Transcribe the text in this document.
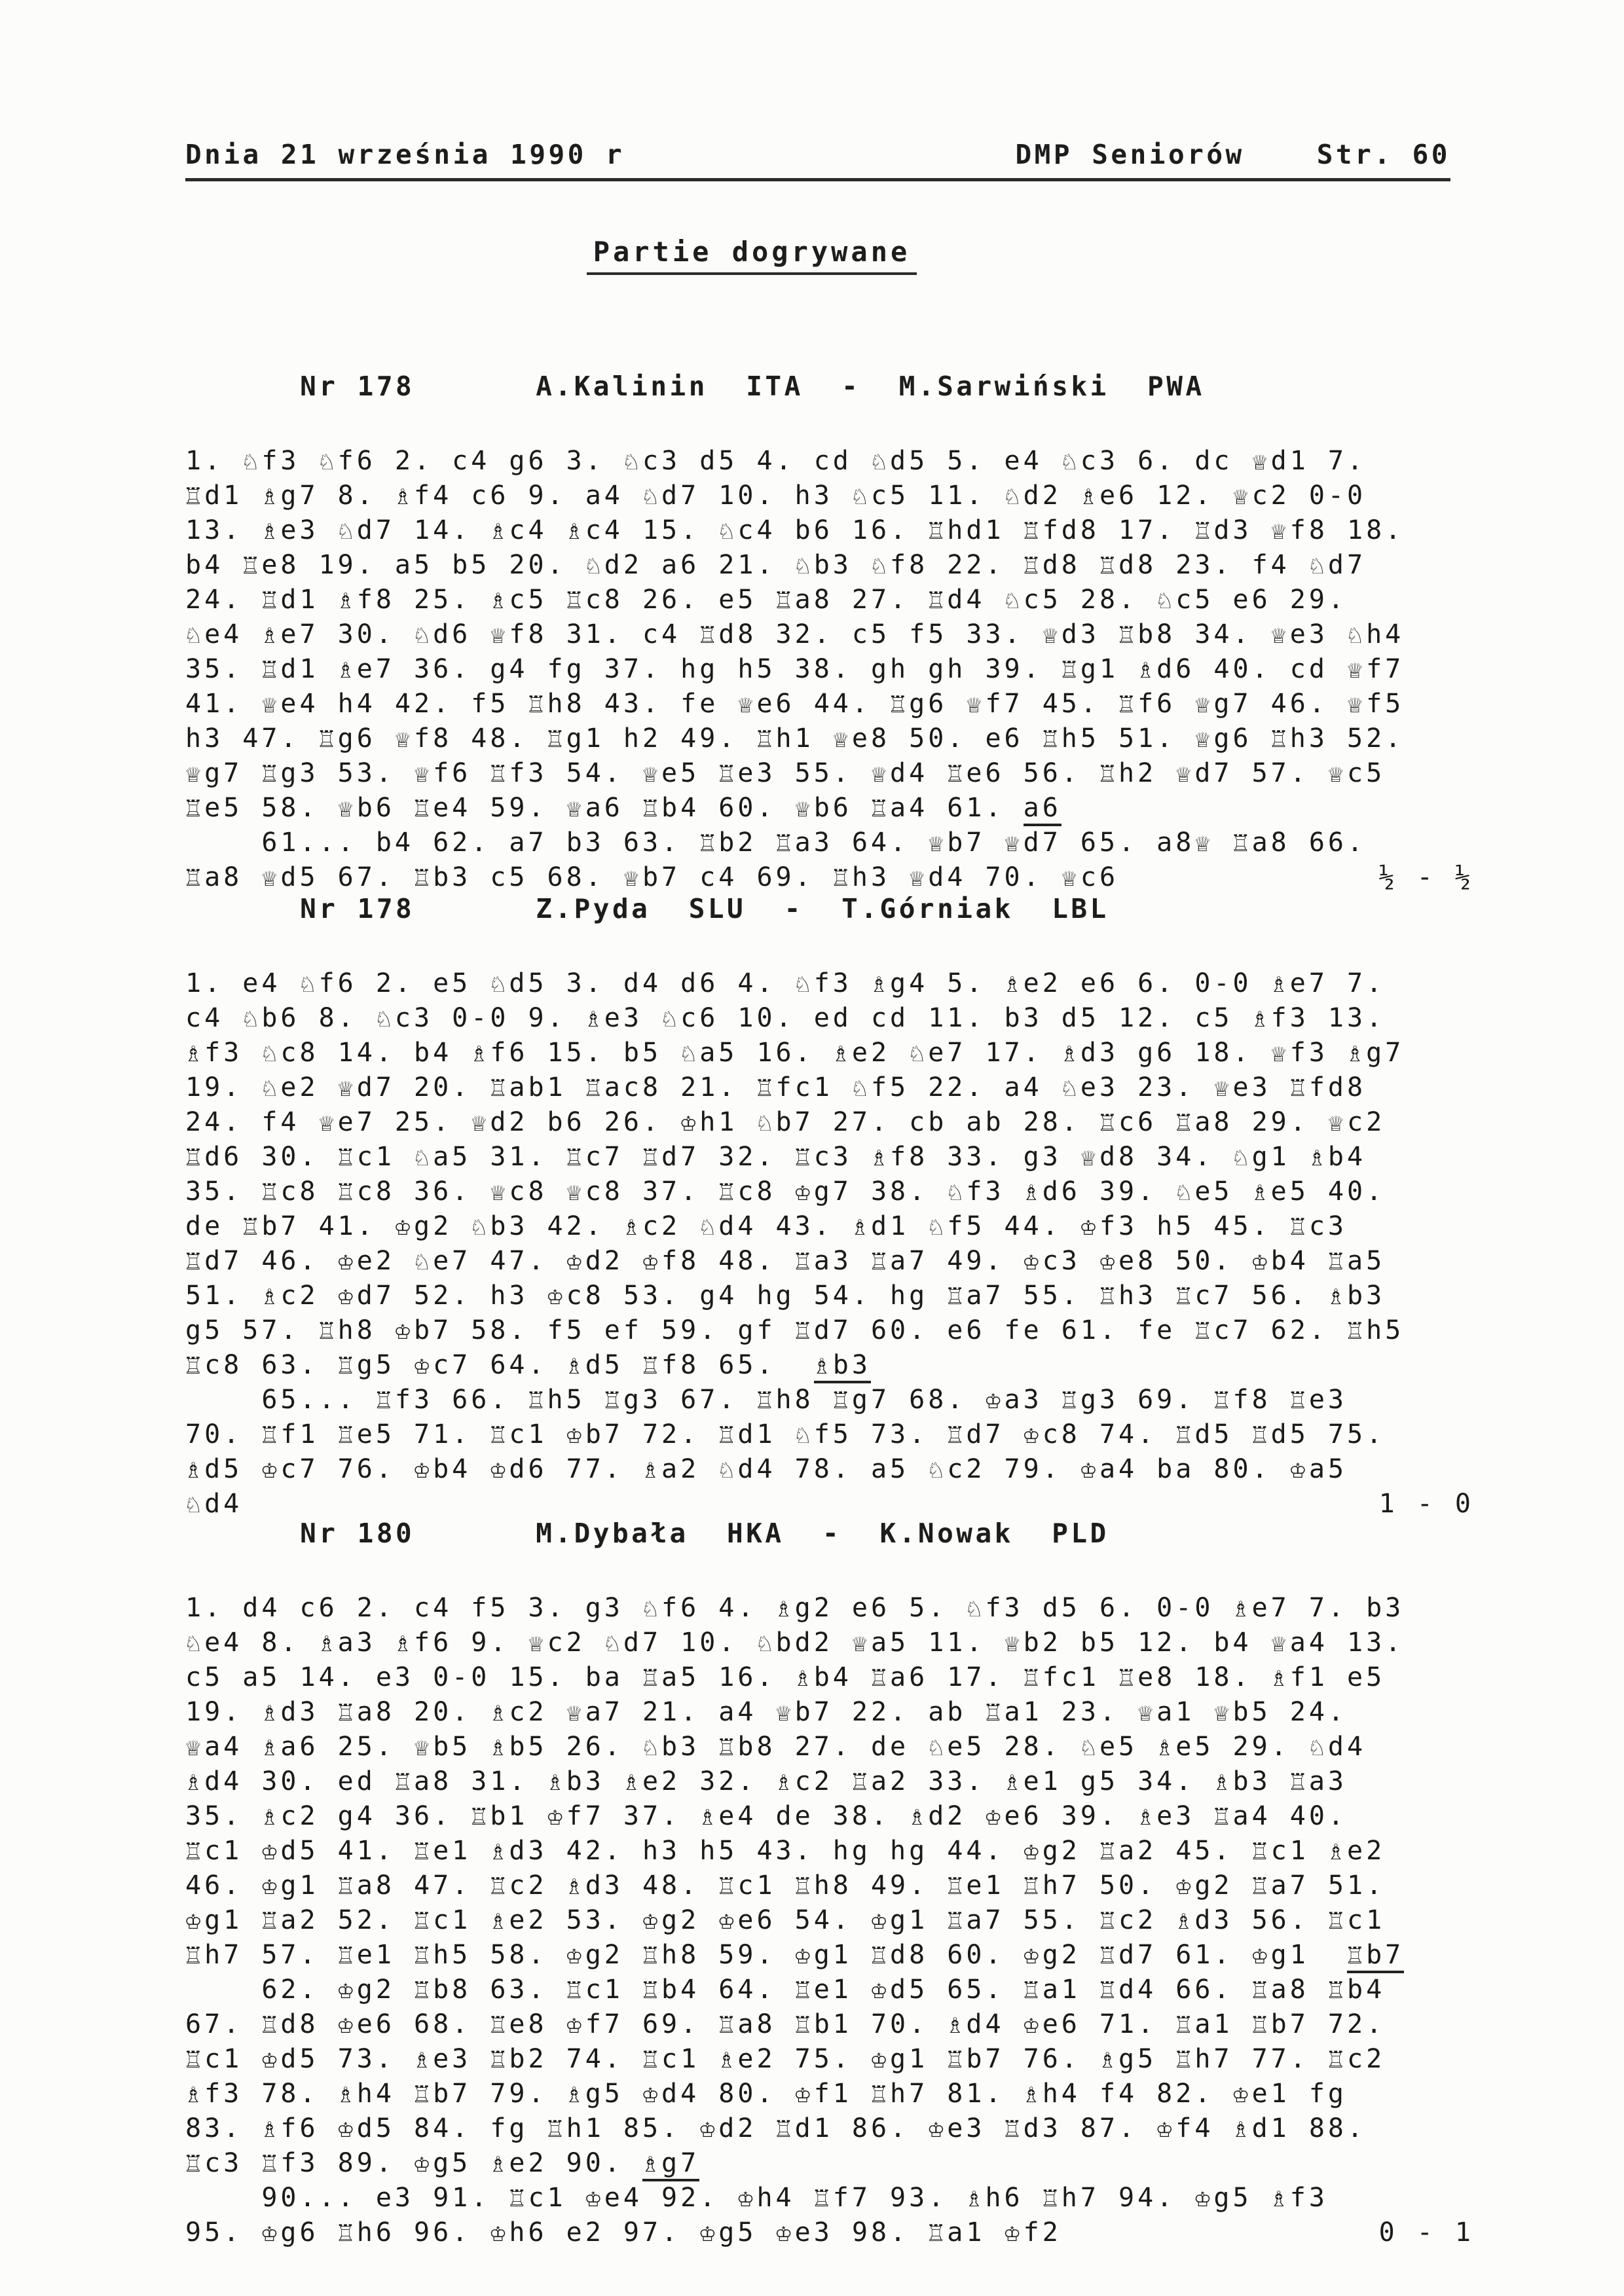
Dnia 21 września 1990 r	DMP Seniorów	Str. 60
Partie dogrywane

Nr 178	A.Kalinin  ITA  -  M.Sarwiński  PWA

1. ♘f3 ♘f6 2. c4 g6 3. ♘c3 d5 4. cd ♘d5 5. e4 ♘c3 6. dc ♕d1 7.
♖d1 ♗g7 8. ♗f4 c6 9. a4 ♘d7 10. h3 ♘c5 11. ♘d2 ♗e6 12. ♕c2 0-0
13. ♗e3 ♘d7 14. ♗c4 ♗c4 15. ♘c4 b6 16. ♖hd1 ♖fd8 17. ♖d3 ♕f8 18.
b4 ♖e8 19. a5 b5 20. ♘d2 a6 21. ♘b3 ♘f8 22. ♖d8 ♖d8 23. f4 ♘d7
24. ♖d1 ♗f8 25. ♗c5 ♖c8 26. e5 ♖a8 27. ♖d4 ♘c5 28. ♘c5 e6 29.
♘e4 ♗e7 30. ♘d6 ♕f8 31. c4 ♖d8 32. c5 f5 33. ♕d3 ♖b8 34. ♕e3 ♘h4
35. ♖d1 ♗e7 36. g4 fg 37. hg h5 38. gh gh 39. ♖g1 ♗d6 40. cd ♕f7
41. ♕e4 h4 42. f5 ♖h8 43. fe ♕e6 44. ♖g6 ♕f7 45. ♖f6 ♕g7 46. ♕f5
h3 47. ♖g6 ♕f8 48. ♖g1 h2 49. ♖h1 ♕e8 50. e6 ♖h5 51. ♕g6 ♖h3 52.
♕g7 ♖g3 53. ♕f6 ♖f3 54. ♕e5 ♖e3 55. ♕d4 ♖e6 56. ♖h2 ♕d7 57. ♕c5
♖e5 58. ♕b6 ♖e4 59. ♕a6 ♖b4 60. ♕b6 ♖a4 61. a6
61... b4 62. a7 b3 63. ♖b2 ♖a3 64. ♕b7 ♕d7 65. a8♕ ♖a8 66.
♖a8 ♕d5 67. ♖b3 c5 68. ♕b7 c4 69. ♖h3 ♕d4 70. ♕c6	½ - ½

Nr 178	Z.Pyda  SLU  -  T.Górniak  LBL

1. e4 ♘f6 2. e5 ♘d5 3. d4 d6 4. ♘f3 ♗g4 5. ♗e2 e6 6. 0-0 ♗e7 7.
c4 ♘b6 8. ♘c3 0-0 9. ♗e3 ♘c6 10. ed cd 11. b3 d5 12. c5 ♗f3 13.
♗f3 ♘c8 14. b4 ♗f6 15. b5 ♘a5 16. ♗e2 ♘e7 17. ♗d3 g6 18. ♕f3 ♗g7
19. ♘e2 ♕d7 20. ♖ab1 ♖ac8 21. ♖fc1 ♘f5 22. a4 ♘e3 23. ♕e3 ♖fd8
24. f4 ♕e7 25. ♕d2 b6 26. ♔h1 ♘b7 27. cb ab 28. ♖c6 ♖a8 29. ♕c2
♖d6 30. ♖c1 ♘a5 31. ♖c7 ♖d7 32. ♖c3 ♗f8 33. g3 ♕d8 34. ♘g1 ♗b4
35. ♖c8 ♖c8 36. ♕c8 ♕c8 37. ♖c8 ♔g7 38. ♘f3 ♗d6 39. ♘e5 ♗e5 40.
de ♖b7 41. ♔g2 ♘b3 42. ♗c2 ♘d4 43. ♗d1 ♘f5 44. ♔f3 h5 45. ♖c3
♖d7 46. ♔e2 ♘e7 47. ♔d2 ♔f8 48. ♖a3 ♖a7 49. ♔c3 ♔e8 50. ♔b4 ♖a5
51. ♗c2 ♔d7 52. h3 ♔c8 53. g4 hg 54. hg ♖a7 55. ♖h3 ♖c7 56. ♗b3
g5 57. ♖h8 ♔b7 58. f5 ef 59. gf ♖d7 60. e6 fe 61. fe ♖c7 62. ♖h5
♖c8 63. ♖g5 ♔c7 64. ♗d5 ♖f8 65.  ♗b3
65... ♖f3 66. ♖h5 ♖g3 67. ♖h8 ♖g7 68. ♔a3 ♖g3 69. ♖f8 ♖e3
70. ♖f1 ♖e5 71. ♖c1 ♔b7 72. ♖d1 ♘f5 73. ♖d7 ♔c8 74. ♖d5 ♖d5 75.
♗d5 ♔c7 76. ♔b4 ♔d6 77. ♗a2 ♘d4 78. a5 ♘c2 79. ♔a4 ba 80. ♔a5
♘d4	1 - 0

Nr 180	M.Dybała  HKA  -  K.Nowak  PLD

1. d4 c6 2. c4 f5 3. g3 ♘f6 4. ♗g2 e6 5. ♘f3 d5 6. 0-0 ♗e7 7. b3
♘e4 8. ♗a3 ♗f6 9. ♕c2 ♘d7 10. ♘bd2 ♕a5 11. ♕b2 b5 12. b4 ♕a4 13.
c5 a5 14. e3 0-0 15. ba ♖a5 16. ♗b4 ♖a6 17. ♖fc1 ♖e8 18. ♗f1 e5
19. ♗d3 ♖a8 20. ♗c2 ♕a7 21. a4 ♕b7 22. ab ♖a1 23. ♕a1 ♕b5 24.
♕a4 ♗a6 25. ♕b5 ♗b5 26. ♘b3 ♖b8 27. de ♘e5 28. ♘e5 ♗e5 29. ♘d4
♗d4 30. ed ♖a8 31. ♗b3 ♗e2 32. ♗c2 ♖a2 33. ♗e1 g5 34. ♗b3 ♖a3
35. ♗c2 g4 36. ♖b1 ♔f7 37. ♗e4 de 38. ♗d2 ♔e6 39. ♗e3 ♖a4 40.
♖c1 ♔d5 41. ♖e1 ♗d3 42. h3 h5 43. hg hg 44. ♔g2 ♖a2 45. ♖c1 ♗e2
46. ♔g1 ♖a8 47. ♖c2 ♗d3 48. ♖c1 ♖h8 49. ♖e1 ♖h7 50. ♔g2 ♖a7 51.
♔g1 ♖a2 52. ♖c1 ♗e2 53. ♔g2 ♔e6 54. ♔g1 ♖a7 55. ♖c2 ♗d3 56. ♖c1
♖h7 57. ♖e1 ♖h5 58. ♔g2 ♖h8 59. ♔g1 ♖d8 60. ♔g2 ♖d7 61. ♔g1  ♖b7
62. ♔g2 ♖b8 63. ♖c1 ♖b4 64. ♖e1 ♔d5 65. ♖a1 ♖d4 66. ♖a8 ♖b4
67. ♖d8 ♔e6 68. ♖e8 ♔f7 69. ♖a8 ♖b1 70. ♗d4 ♔e6 71. ♖a1 ♖b7 72.
♖c1 ♔d5 73. ♗e3 ♖b2 74. ♖c1 ♗e2 75. ♔g1 ♖b7 76. ♗g5 ♖h7 77. ♖c2
♗f3 78. ♗h4 ♖b7 79. ♗g5 ♔d4 80. ♔f1 ♖h7 81. ♗h4 f4 82. ♔e1 fg
83. ♗f6 ♔d5 84. fg ♖h1 85. ♔d2 ♖d1 86. ♔e3 ♖d3 87. ♔f4 ♗d1 88.
♖c3 ♖f3 89. ♔g5 ♗e2 90. ♗g7
90... e3 91. ♖c1 ♔e4 92. ♔h4 ♖f7 93. ♗h6 ♖h7 94. ♔g5 ♗f3
95. ♔g6 ♖h6 96. ♔h6 e2 97. ♔g5 ♔e3 98. ♖a1 ♔f2	0 - 1
